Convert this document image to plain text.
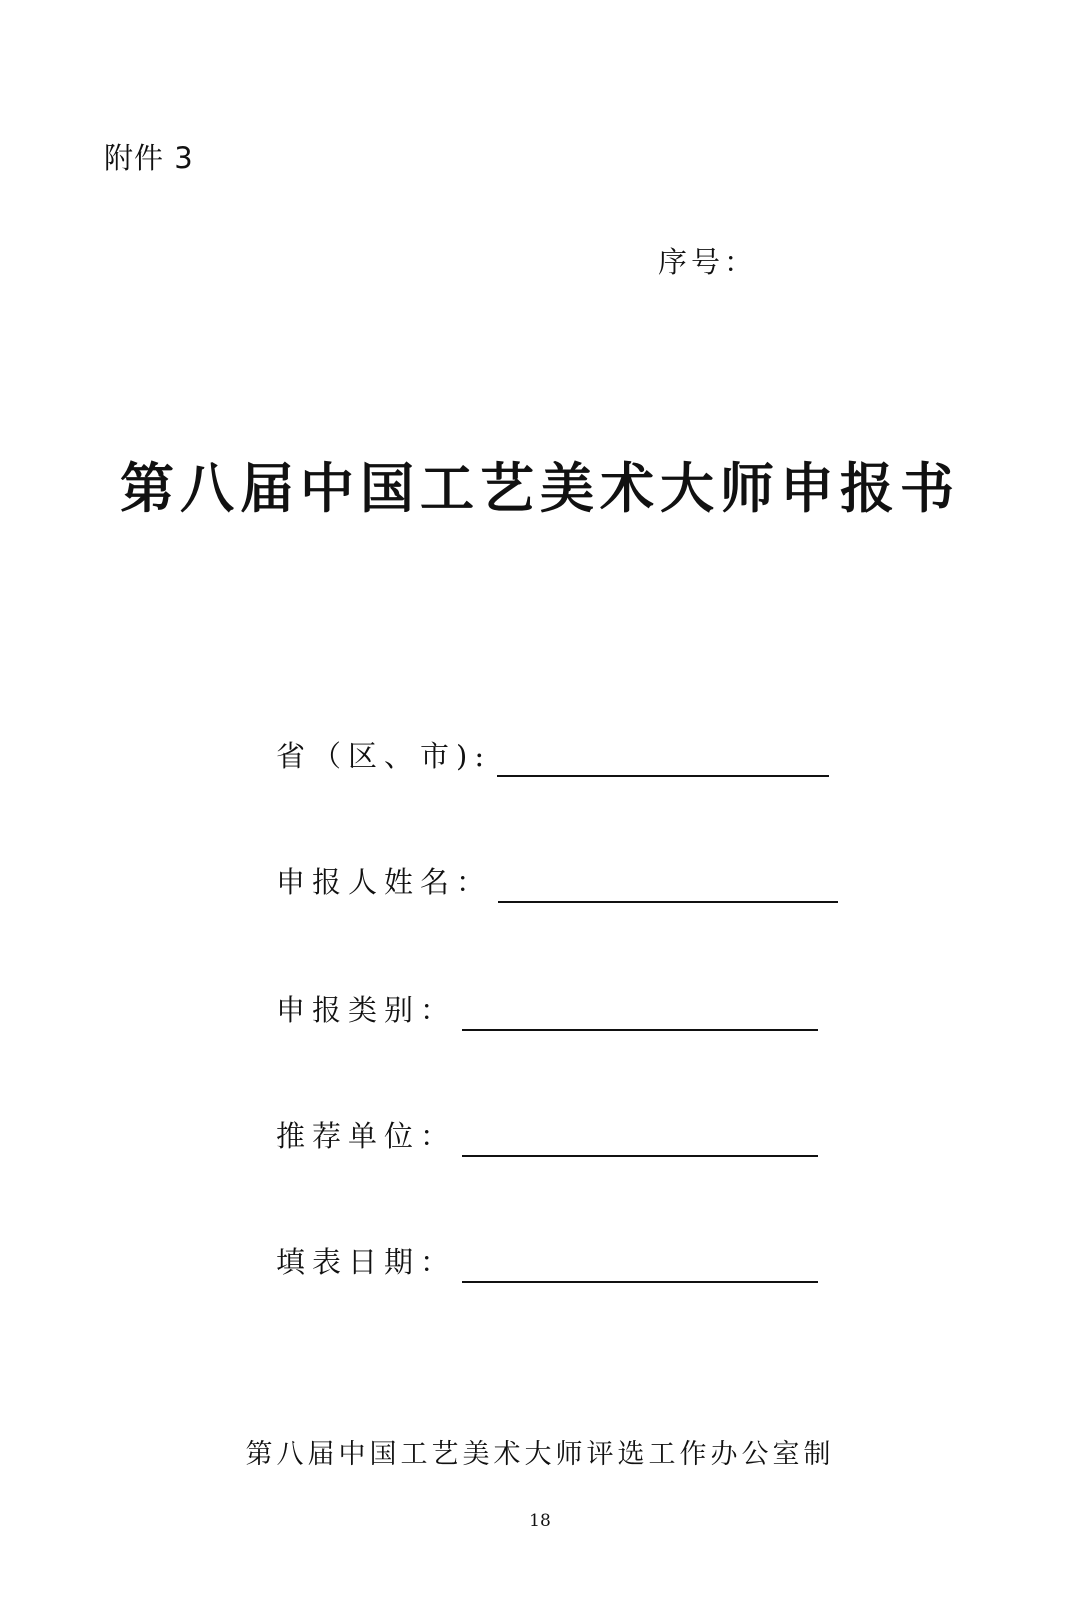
附件 3
序号：
第八届中国工艺美术大师申报书
省（区、市):
申报人姓名：
申报类别：
推荐单位：
填表日期：
第八届中国工艺美术大师评选工作办公室制
18
